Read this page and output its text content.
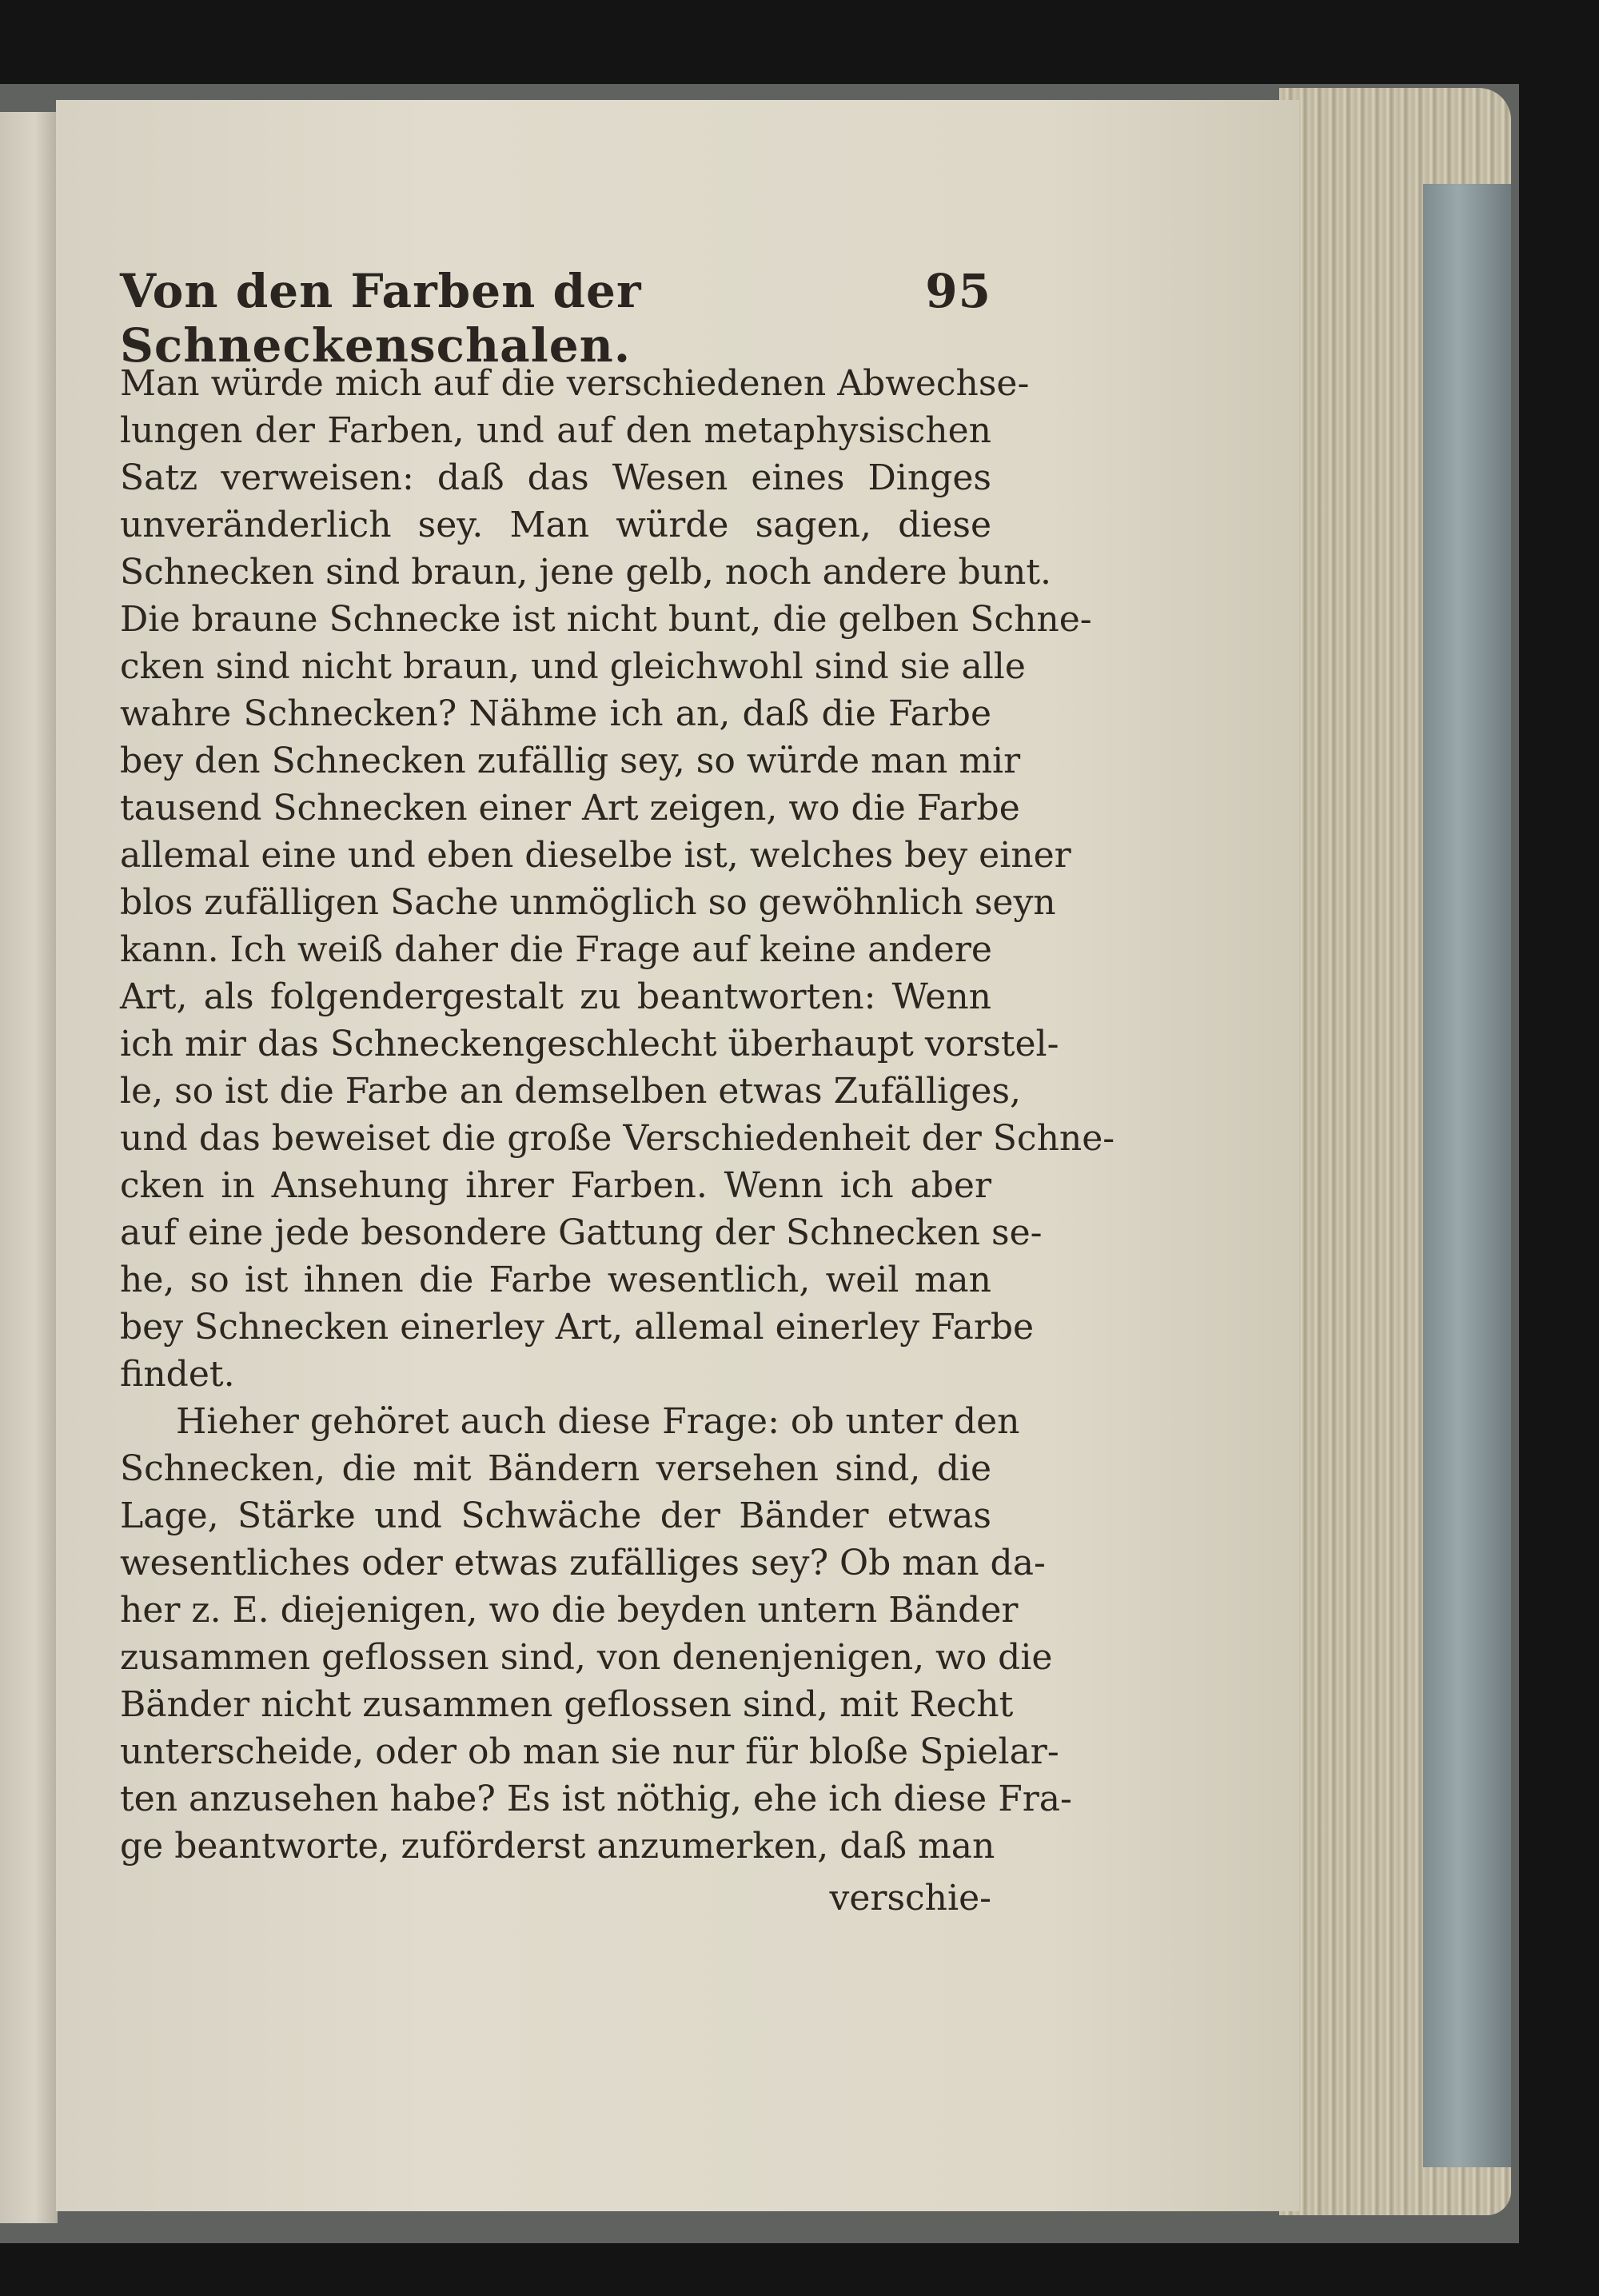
Von den Farben der Schneckenschalen.
95
Man würde mich auf die verschiedenen Abwechse-
lungen der Farben, und auf den metaphysischen
Satz verweisen: daß das Wesen eines Dinges
unveränderlich sey. Man würde sagen, diese
Schnecken sind braun, jene gelb, noch andere bunt.
Die braune Schnecke ist nicht bunt, die gelben Schne-
cken sind nicht braun, und gleichwohl sind sie alle
wahre Schnecken? Nähme ich an, daß die Farbe
bey den Schnecken zufällig sey, so würde man mir
tausend Schnecken einer Art zeigen, wo die Farbe
allemal eine und eben dieselbe ist, welches bey einer
blos zufälligen Sache unmöglich so gewöhnlich seyn
kann. Ich weiß daher die Frage auf keine andere
Art, als folgendergestalt zu beantworten: Wenn
ich mir das Schneckengeschlecht überhaupt vorstel-
le, so ist die Farbe an demselben etwas Zufälliges,
und das beweiset die große Verschiedenheit der Schne-
cken in Ansehung ihrer Farben. Wenn ich aber
auf eine jede besondere Gattung der Schnecken se-
he, so ist ihnen die Farbe wesentlich, weil man
bey Schnecken einerley Art, allemal einerley Farbe
findet.
Hieher gehöret auch diese Frage: ob unter den
Schnecken, die mit Bändern versehen sind, die
Lage, Stärke und Schwäche der Bänder etwas
wesentliches oder etwas zufälliges sey? Ob man da-
her z. E. diejenigen, wo die beyden untern Bänder
zusammen geflossen sind, von denenjenigen, wo die
Bänder nicht zusammen geflossen sind, mit Recht
unterscheide, oder ob man sie nur für bloße Spielar-
ten anzusehen habe? Es ist nöthig, ehe ich diese Fra-
ge beantworte, zuförderst anzumerken, daß man
verschie-
